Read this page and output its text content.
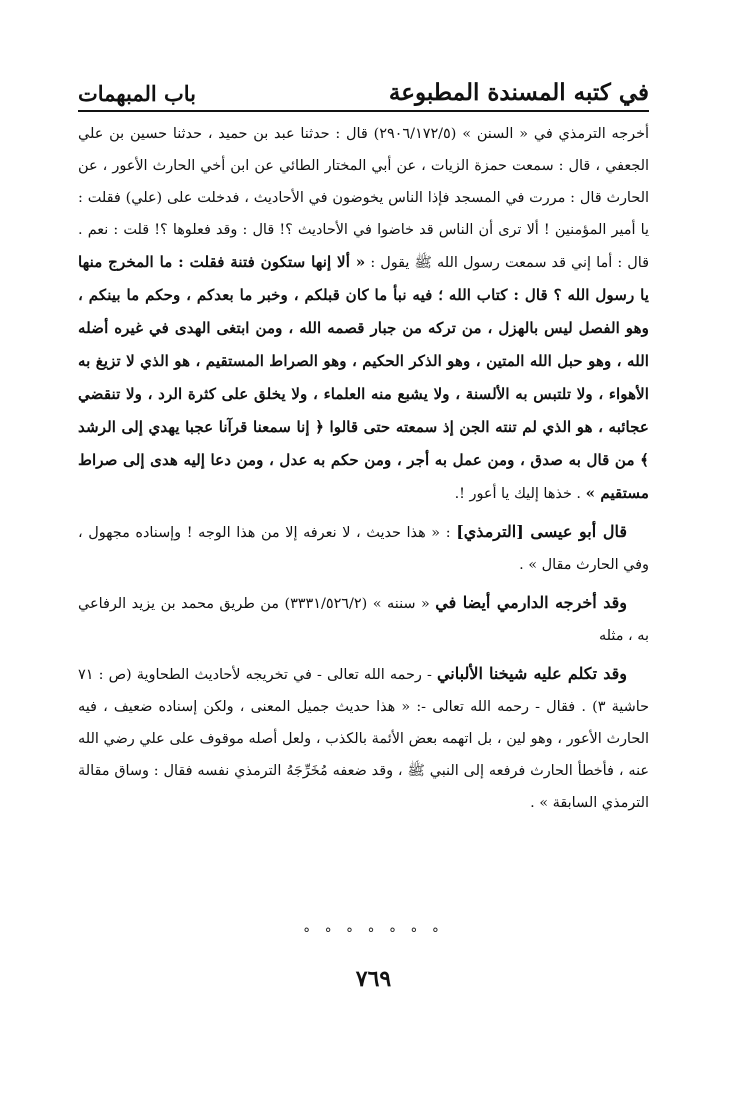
في كتبه المسندة المطبوعة
باب المبهمات

أخرجه الترمذي في « السنن » (٢٩٠٦/١٧٢/٥) قال : حدثنا عبد بن حميد ، حدثنا حسين بن علي الجعفي ، قال : سمعت حمزة الزيات ، عن أبي المختار الطائي عن ابن أخي الحارث الأعور ، عن الحارث قال : مررت في المسجد فإذا الناس يخوضون في الأحاديث ، فدخلت على (علي) فقلت : يا أمير المؤمنين ! ألا ترى أن الناس قد خاضوا في الأحاديث ؟! قال : وقد فعلوها ؟! قلت : نعم . قال : أما إني قد سمعت رسول الله ﷺ يقول : « ألا إنها ستكون فتنة فقلت : ما المخرج منها يا رسول الله ؟ قال : كتاب الله ؛ فيه نبأ ما كان قبلكم ، وخبر ما بعدكم ، وحكم ما بينكم ، وهو الفصل ليس بالهزل ، من تركه من جبار قصمه الله ، ومن ابتغى الهدى في غيره أضله الله ، وهو حبل الله المتين ، وهو الذكر الحكيم ، وهو الصراط المستقيم ، هو الذي لا تزيغ به الأهواء ، ولا تلتبس به الألسنة ، ولا يشبع منه العلماء ، ولا يخلق على كثرة الرد ، ولا تنقضي عجائبه ، هو الذي لم تنته الجن إذ سمعته حتى قالوا ﴿ إنا سمعنا قرآنا عجبا يهدي إلى الرشد ﴾ من قال به صدق ، ومن عمل به أجر ، ومن حكم به عدل ، ومن دعا إليه هدى إلى صراط مستقيم » . خذها إليك يا أعور !.

قال أبو عيسى [الترمذي] : « هذا حديث ، لا نعرفه إلا من هذا الوجه ! وإسناده مجهول ، وفي الحارث مقال » .

وقد أخرجه الدارمي أيضا في « سننه » (٣٣٣١/٥٢٦/٢) من طريق محمد بن يزيد الرفاعي به ، مثله

وقد تكلم عليه شيخنا الألباني - رحمه الله تعالى - في تخريجه لأحاديث الطحاوية (ص : ٧١ حاشية ٣) . فقال - رحمه الله تعالى -: « هذا حديث جميل المعنى ، ولكن إسناده ضعيف ، فيه الحارث الأعور ، وهو لين ، بل اتهمه بعض الأئمة بالكذب ، ولعل أصله موقوف على علي رضي الله عنه ، فأخطأ الحارث فرفعه إلى النبي ﷺ ، وقد ضعفه مُخَرِّجَهُ الترمذي نفسه فقال : وساق مقالة الترمذي السابقة » .

° ° ° ° ° ° °
٧٦٩
